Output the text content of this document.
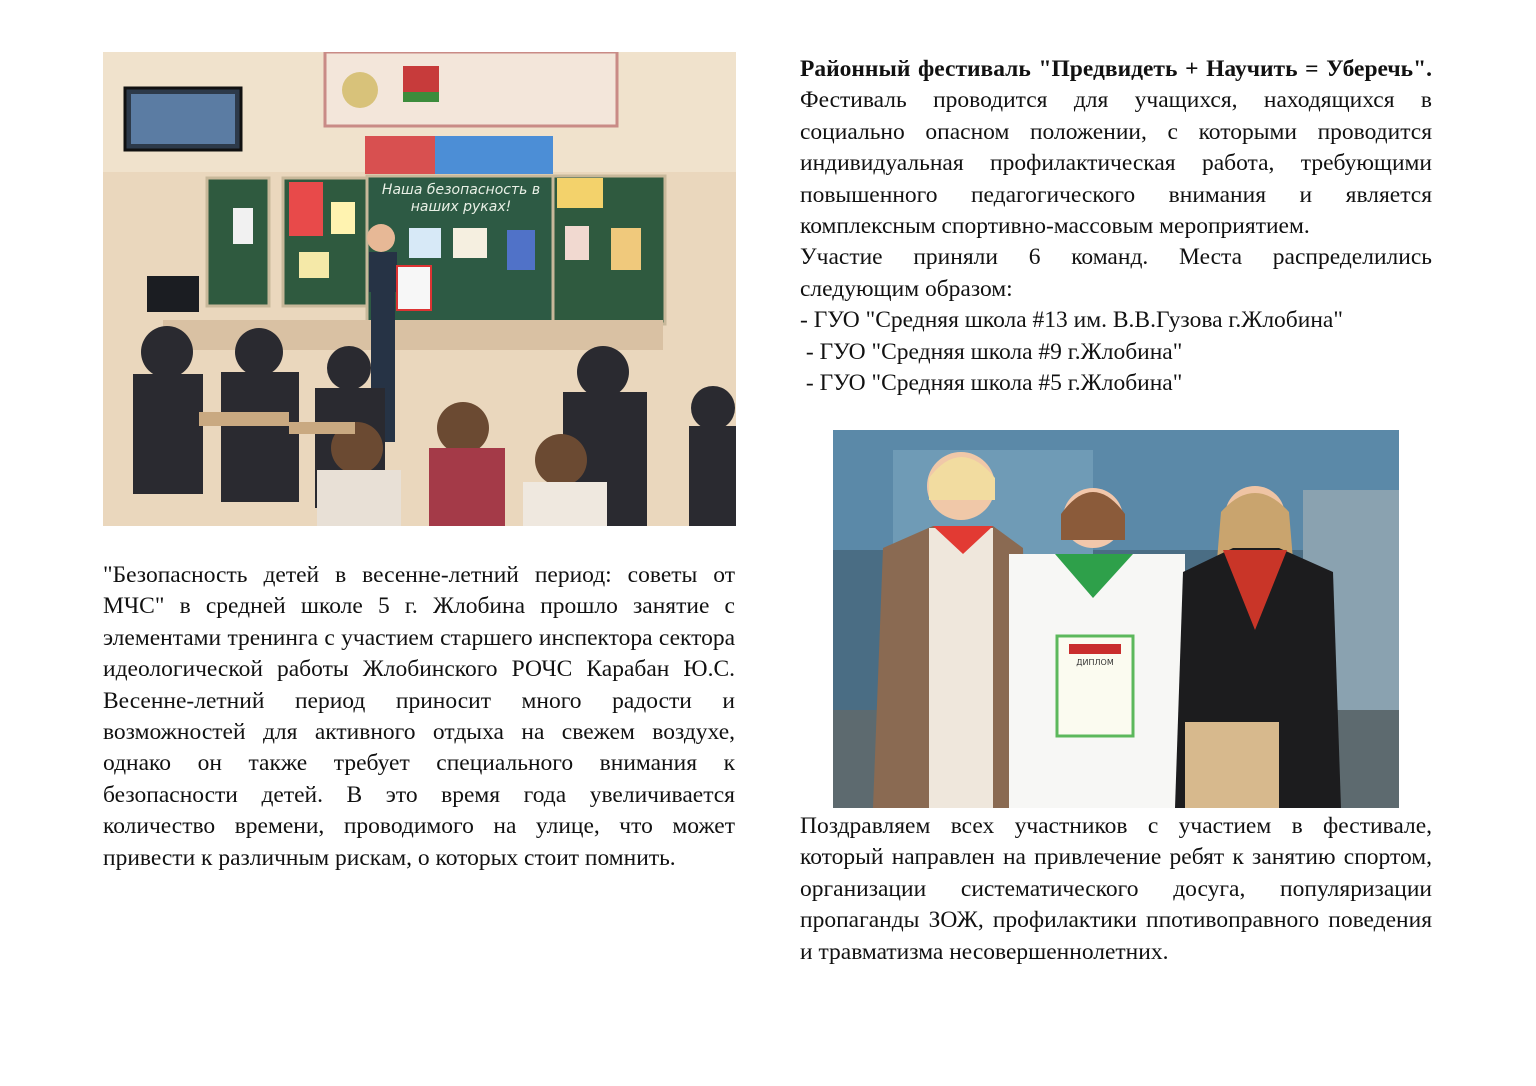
Наша безопасность в наших руках!

"Безопасность детей в весенне-летний период: советы от МЧС" в средней школе 5 г. Жлобина прошло занятие с элементами тренинга с участием старшего инспектора сектора идеологической работы Жлобинского РОЧС Карабан Ю.С. Весенне-летний период приносит много радости и возможностей для активного отдыха на свежем воздухе, однако он также требует специального внимания к безопасности детей. В это время года увеличивается количество времени, проводимого на улице, что может привести к различным рискам, о которых стоит помнить.

Районный фестиваль "Предвидеть + Научить = Уберечь". Фестиваль проводится для учащихся, находящихся в социально опасном положении, с которыми проводится индивидуальная профилактическая работа, требующими повышенного педагогического внимания и является комплексным спортивно-массовым мероприятием.
Участие приняли 6 команд. Места распределились следующим образом:
- ГУО "Средняя школа #13 им. В.В.Гузова г.Жлобина"
- ГУО "Средняя школа #9 г.Жлобина"
- ГУО "Средняя школа #5 г.Жлобина"
ДИПЛОМ

Поздравляем всех участников с участием в фестивале, который направлен на привлечение ребят к занятию спортом, организации систематического досуга, популяризации пропаганды ЗОЖ, профилактики ппотивоправного поведения и травматизма несовершеннолетних.
